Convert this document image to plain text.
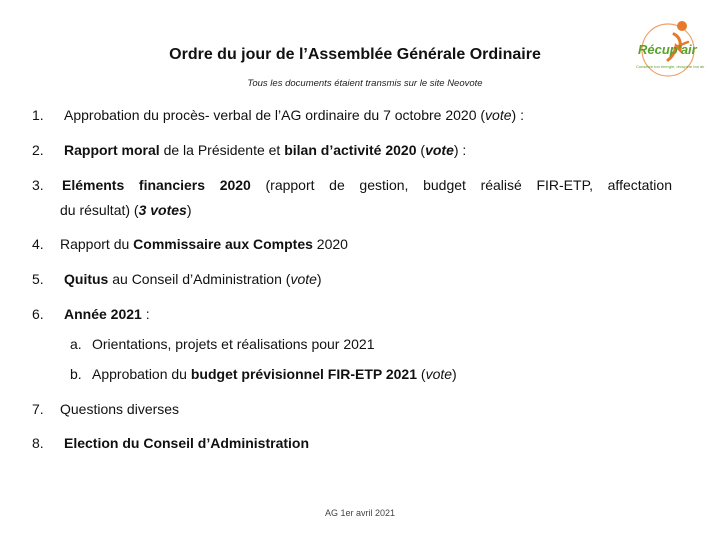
Ordre du jour de l’Assemblée Générale Ordinaire	Récup'air
Conserve ton énergie, récupère ton air
Tous les documents étaient transmis sur le site Neovote
1. Approbation du procès- verbal de l’AG ordinaire du 7 octobre 2020 (vote) :
2. Rapport moral de la Présidente et bilan d’activité 2020 (vote) :
3. Eléments financiers 2020 (rapport de gestion, budget réalisé FIR-ETP, affectation
du résultat) (3 votes)
4. Rapport du Commissaire aux Comptes 2020
5. Quitus au Conseil d’Administration (vote)
6. Année 2021 :
a. Orientations, projets et réalisations pour 2021
b. Approbation du budget prévisionnel FIR-ETP 2021 (vote)
7. Questions diverses
8. Election du Conseil d’Administration
AG 1er avril 2021
